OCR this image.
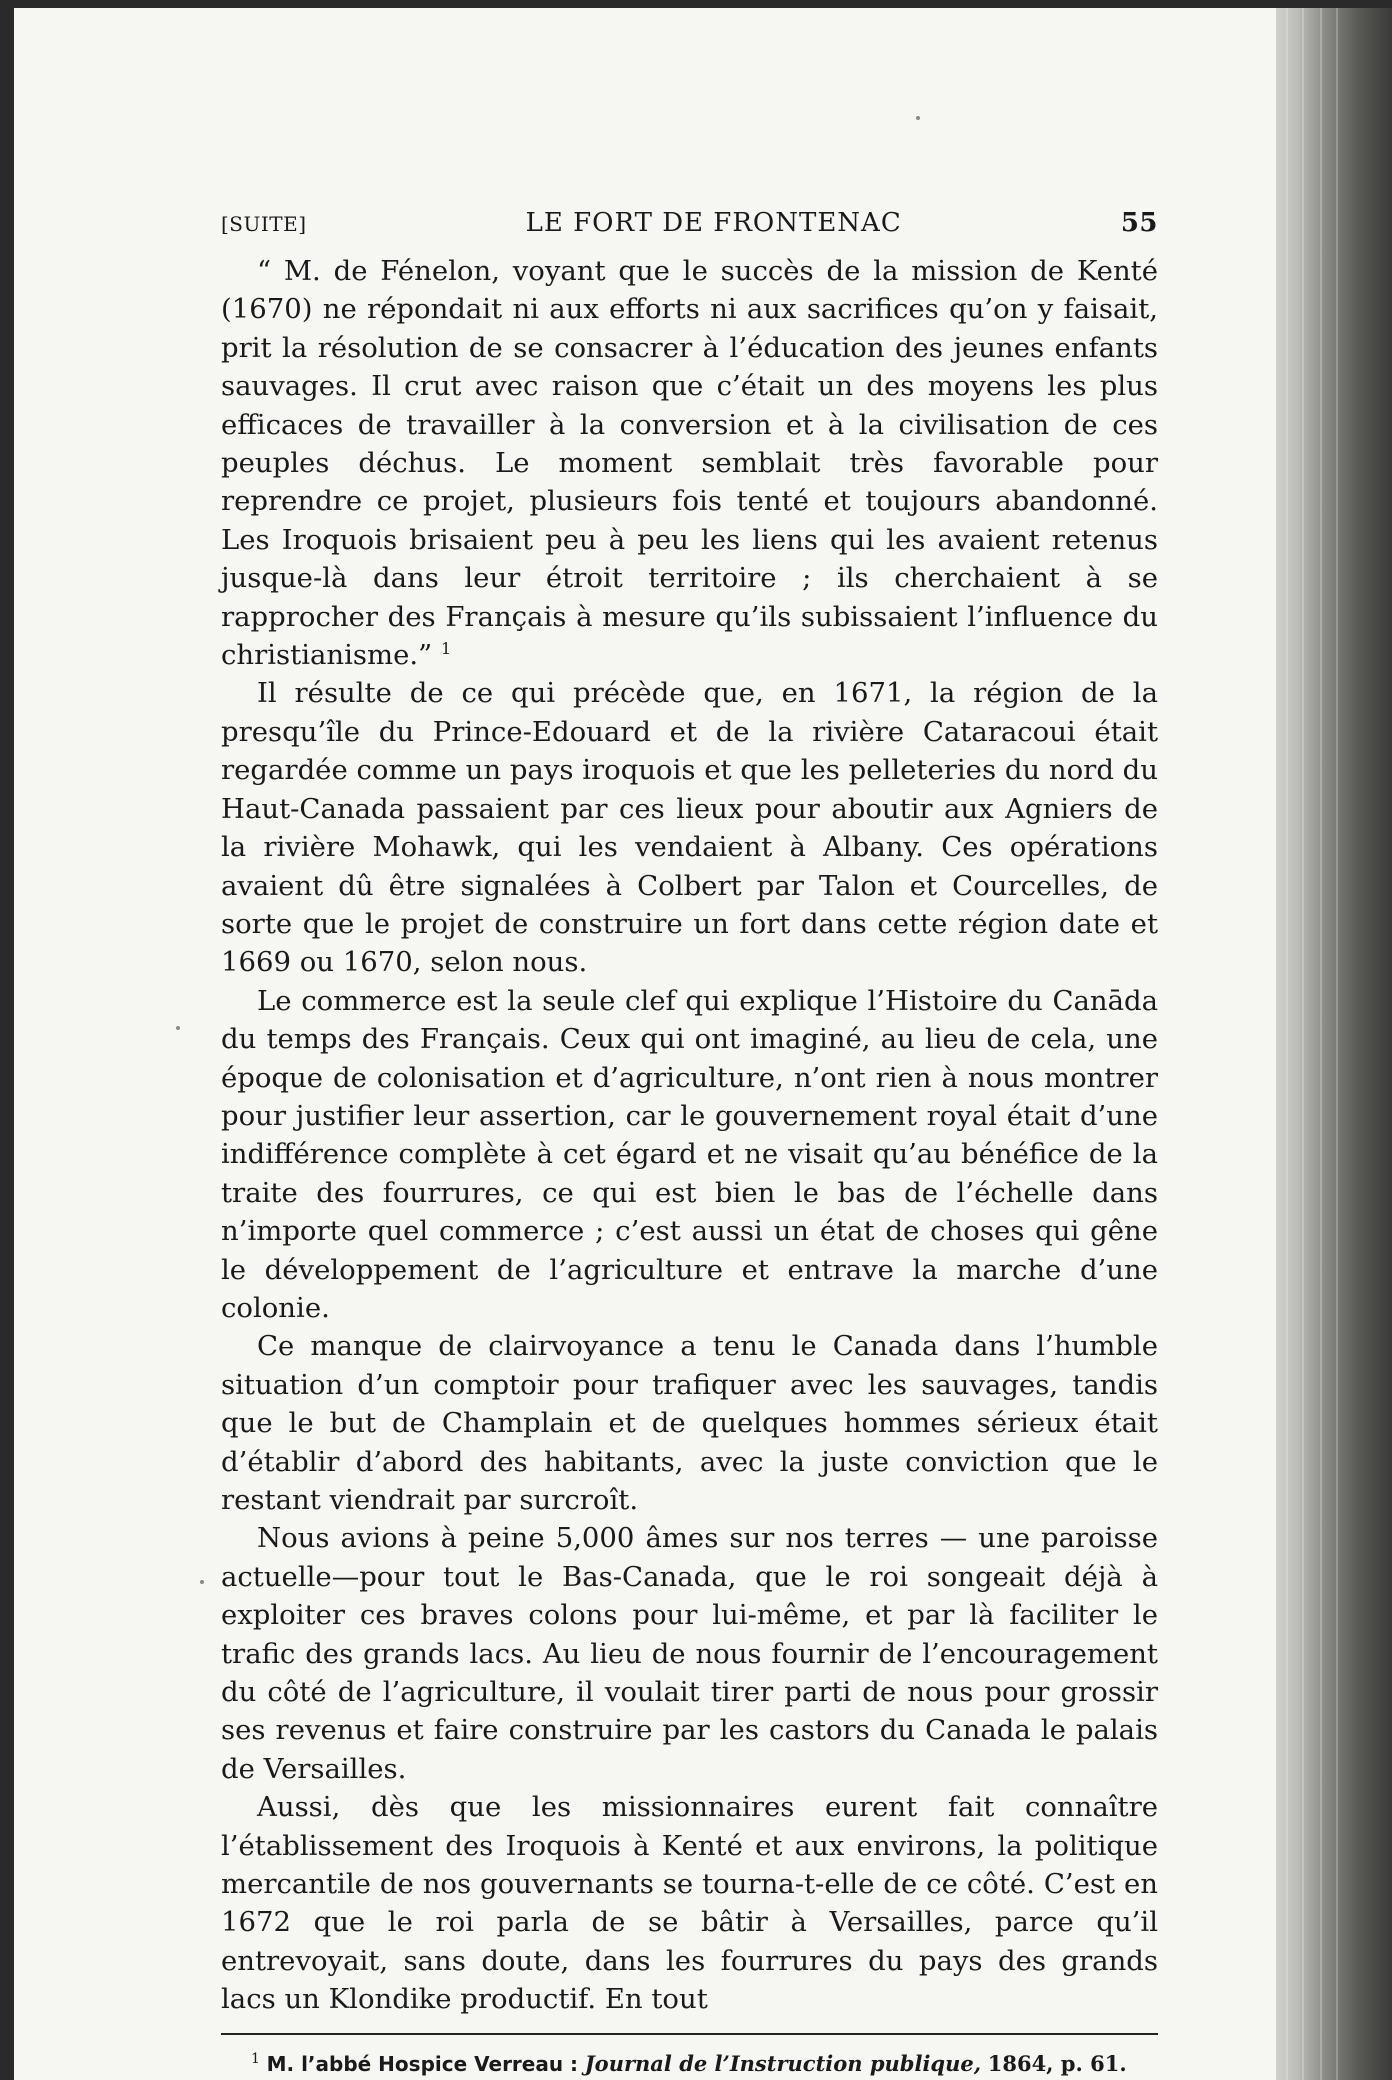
[SUITE]	LE FORT DE FRONTENAC	55

“ M. de Fénelon, voyant que le succès de la mission de Kenté (1670) ne répondait ni aux efforts ni aux sacrifices qu’on y faisait, prit la résolution de se consacrer à l’éducation des jeunes enfants sauvages. Il crut avec raison que c’était un des moyens les plus efficaces de travailler à la conversion et à la civilisation de ces peuples déchus. Le moment semblait très favorable pour reprendre ce projet, plusieurs fois tenté et toujours abandonné. Les Iroquois brisaient peu à peu les liens qui les avaient retenus jusque-là dans leur étroit territoire ; ils cherchaient à se rapprocher des Français à mesure qu’ils subissaient l’influence du christianisme.” $^1$

Il résulte de ce qui précède que, en 1671, la région de la presqu’île du Prince-Edouard et de la rivière Cataracoui était regardée comme un pays iroquois et que les pelleteries du nord du Haut-Canada passaient par ces lieux pour aboutir aux Agniers de la rivière Mohawk, qui les vendaient à Albany. Ces opérations avaient dû être signalées à Colbert par Talon et Courcelles, de sorte que le projet de construire un fort dans cette région date et 1669 ou 1670, selon nous.

Le commerce est la seule clef qui explique l’Histoire du Canāda du temps des Français. Ceux qui ont imaginé, au lieu de cela, une époque de colonisation et d’agriculture, n’ont rien à nous montrer pour justifier leur assertion, car le gouvernement royal était d’une indifférence complète à cet égard et ne visait qu’au bénéfice de la traite des fourrures, ce qui est bien le bas de l’échelle dans n’importe quel commerce ; c’est aussi un état de choses qui gêne le développement de l’agriculture et entrave la marche d’une colonie.

Ce manque de clairvoyance a tenu le Canada dans l’humble situation d’un comptoir pour trafiquer avec les sauvages, tandis que le but de Champlain et de quelques hommes sérieux était d’établir d’abord des habitants, avec la juste conviction que le restant viendrait par surcroît.

Nous avions à peine 5,000 âmes sur nos terres — une paroisse actuelle—pour tout le Bas-Canada, que le roi songeait déjà à exploiter ces braves colons pour lui-même, et par là faciliter le trafic des grands lacs. Au lieu de nous fournir de l’encouragement du côté de l’agriculture, il voulait tirer parti de nous pour grossir ses revenus et faire construire par les castors du Canada le palais de Versailles.

Aussi, dès que les missionnaires eurent fait connaître l’établissement des Iroquois à Kenté et aux environs, la politique mercantile de nos gouvernants se tourna-t-elle de ce côté. C’est en 1672 que le roi parla de se bâtir à Versailles, parce qu’il entrevoyait, sans doute, dans les fourrures du pays des grands lacs un Klondike productif. En tout

$^1$ M. l’abbé Hospice Verreau : Journal de l’Instruction publique, 1864, p. 61.
